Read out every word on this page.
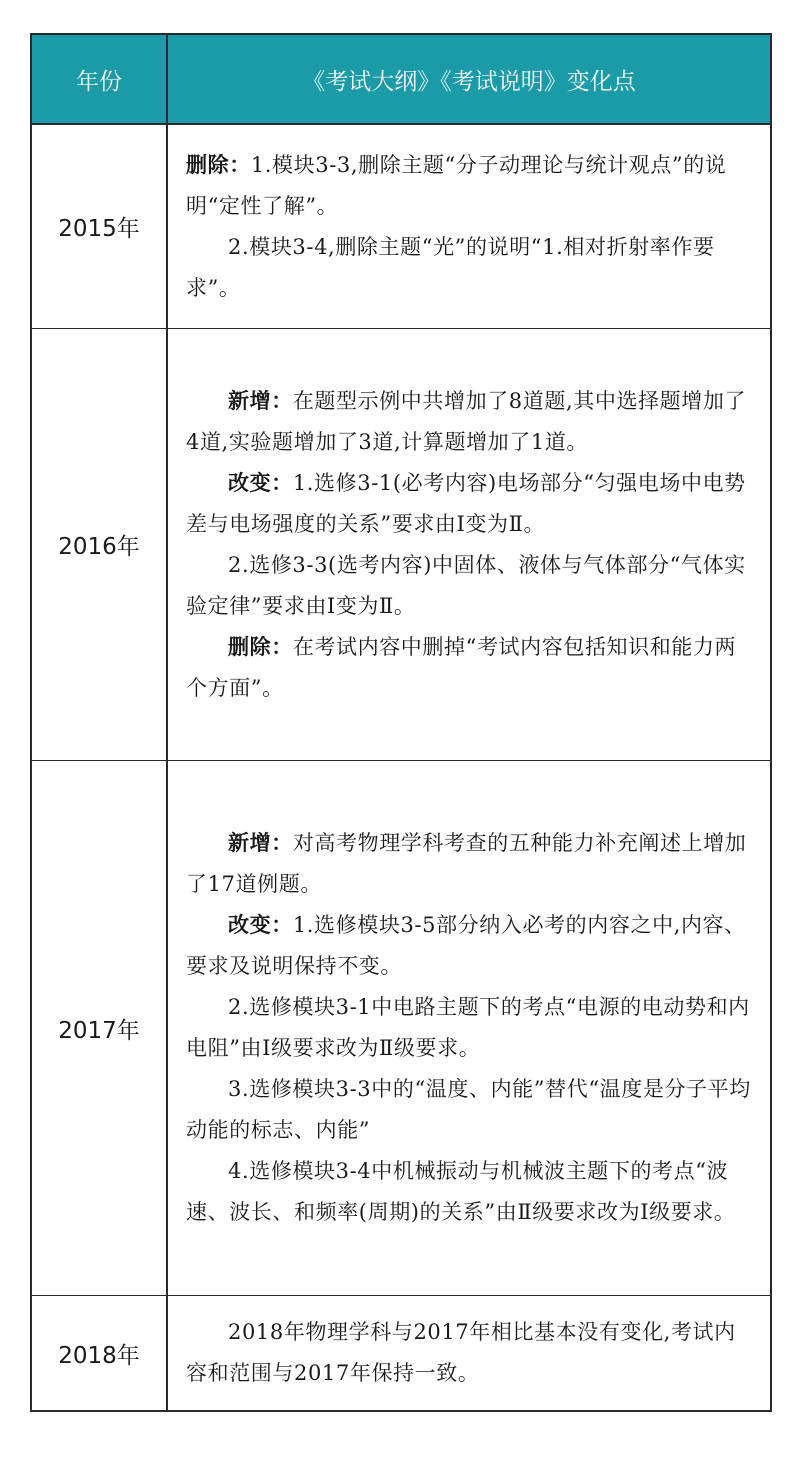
年份	《考试大纲》《考试说明》变化点
2015年

删除：1.模块3-3,删除主题“分子动理论与统计观点”的说明“定性了解”。

2.模块3-4,删除主题“光”的说明“1.相对折射率作要求”。

2016年

新增：在题型示例中共增加了8道题,其中选择题增加了4道,实验题增加了3道,计算题增加了1道。

改变：1.选修3-1(必考内容)电场部分“匀强电场中电势差与电场强度的关系”要求由Ⅰ变为Ⅱ。

2.选修3-3(选考内容)中固体、液体与气体部分“气体实验定律”要求由Ⅰ变为Ⅱ。

删除：在考试内容中删掉“考试内容包括知识和能力两个方面”。

2017年

新增：对高考物理学科考查的五种能力补充阐述上增加了17道例题。

改变：1.选修模块3-5部分纳入必考的内容之中,内容、要求及说明保持不变。

2.选修模块3-1中电路主题下的考点“电源的电动势和内电阻”由Ⅰ级要求改为Ⅱ级要求。

3.选修模块3-3中的“温度、内能”替代“温度是分子平均动能的标志、内能”

4.选修模块3-4中机械振动与机械波主题下的考点“波速、波长、和频率(周期)的关系”由Ⅱ级要求改为Ⅰ级要求。

2018年

2018年物理学科与2017年相比基本没有变化,考试内容和范围与2017年保持一致。
